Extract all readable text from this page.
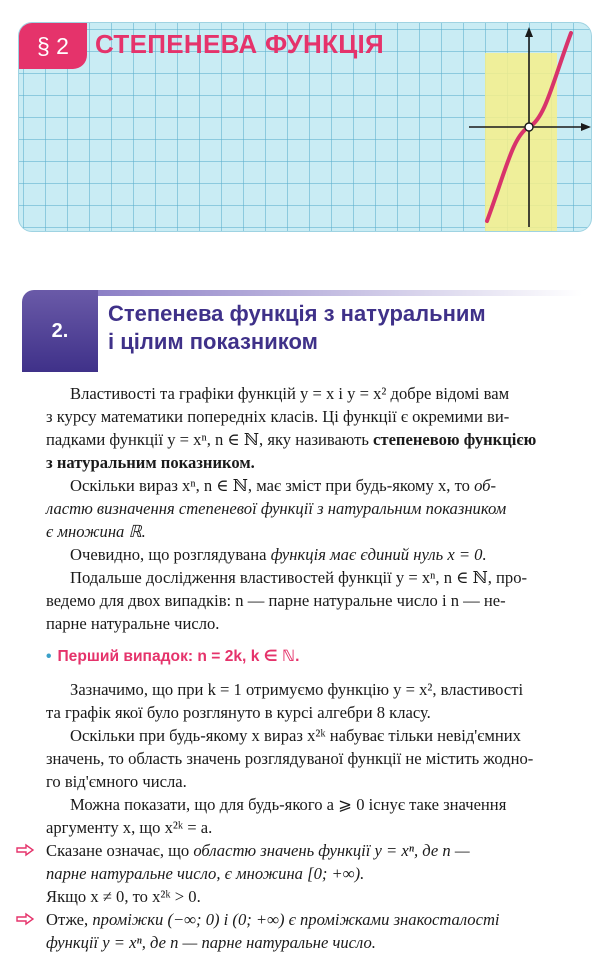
§ 2	СТЕПЕНЕВА ФУНКЦІЯ
2.
Степенева функція з натуральним
і цілим показником

Властивості та графіки функцій y = x і y = x² добре відомі вам
з курсу математики попередніх класів. Ці функції є окремими ви-
падками функції y = xⁿ, n ∈ ℕ, яку називають степеневою функцією
з натуральним показником.

Оскільки вираз xⁿ, n ∈ ℕ, має зміст при будь-якому x, то об-
ластю визначення степеневої функції з натуральним показником
є множина ℝ.

Очевидно, що розглядувана функція має єдиний нуль x = 0.

Подальше дослідження властивостей функції y = xⁿ, n ∈ ℕ, про-
ведемо для двох випадків: n — парне натуральне число і n — не-
парне натуральне число.

• Перший випадок: n = 2k, k ∈ ℕ.

Зазначимо, що при k = 1 отримуємо функцію y = x², властивості
та графік якої було розглянуто в курсі алгебри 8 класу.

Оскільки при будь-якому x вираз x²ᵏ набуває тільки невід'ємних
значень, то область значень розглядуваної функції не містить жодно-
го від'ємного числа.

Можна показати, що для будь-якого a ⩾ 0 існує таке значення
аргументу x, що x²ᵏ = a.

Сказане означає, що областю значень функції y = xⁿ, де n —
парне натуральне число, є множина [0; +∞).
Якщо x ≠ 0, то x²ᵏ > 0.

Отже, проміжки (−∞; 0) і (0; +∞) є проміжками знакосталості
функції y = xⁿ, де n — парне натуральне число.
